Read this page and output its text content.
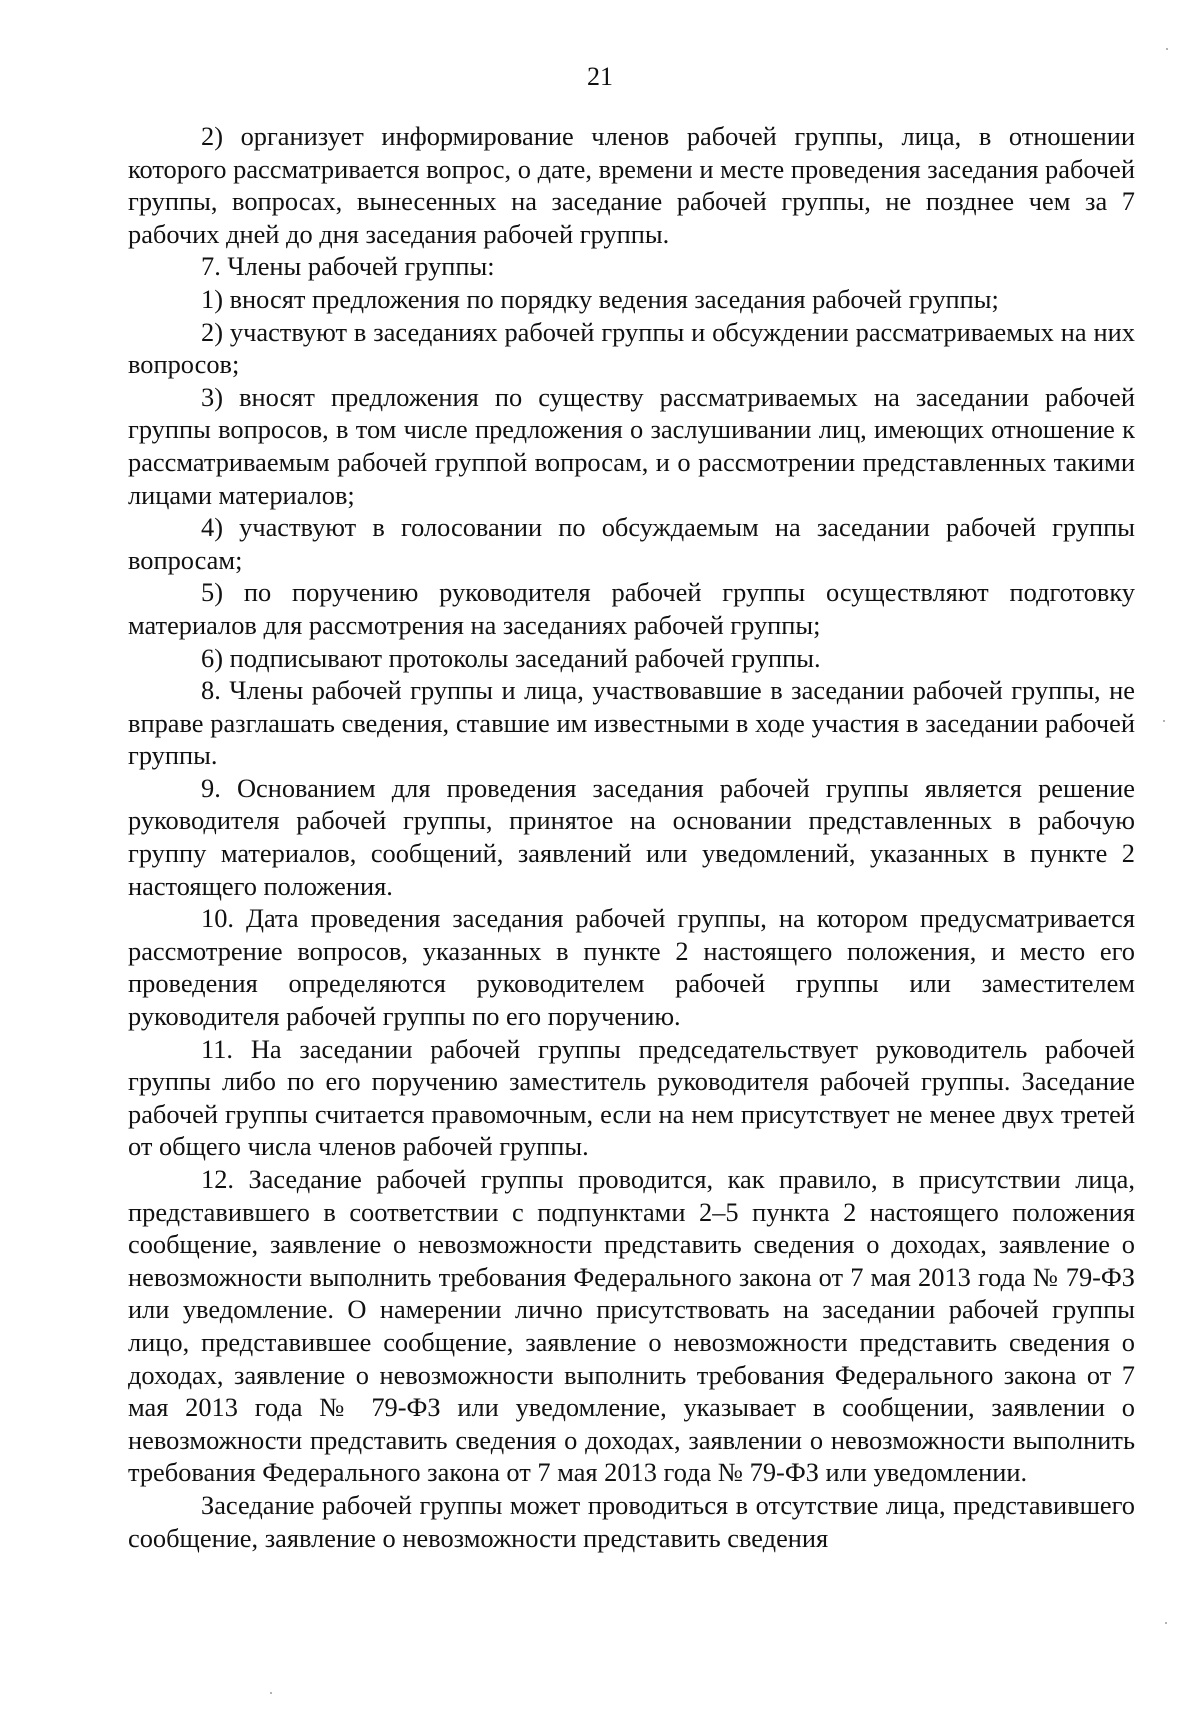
21

2) организует информирование членов рабочей группы, лица, в отношении которого рассматривается вопрос, о дате, времени и месте проведения заседания рабочей группы, вопросах, вынесенных на заседание рабочей группы, не позднее чем за 7 рабочих дней до дня заседания рабочей группы.

7. Члены рабочей группы:

1) вносят предложения по порядку ведения заседания рабочей группы;

2) участвуют в заседаниях рабочей группы и обсуждении рассматриваемых на них вопросов;

3) вносят предложения по существу рассматриваемых на заседании рабочей группы вопросов, в том числе предложения о заслушивании лиц, имеющих отношение к рассматриваемым рабочей группой вопросам, и о рассмотрении представленных такими лицами материалов;

4) участвуют в голосовании по обсуждаемым на заседании рабочей группы вопросам;

5) по поручению руководителя рабочей группы осуществляют подготовку материалов для рассмотрения на заседаниях рабочей группы;

6) подписывают протоколы заседаний рабочей группы.

8. Члены рабочей группы и лица, участвовавшие в заседании рабочей группы, не вправе разглашать сведения, ставшие им известными в ходе участия в заседании рабочей группы.

9. Основанием для проведения заседания рабочей группы является решение руководителя рабочей группы, принятое на основании представленных в рабочую группу материалов, сообщений, заявлений или уведомлений, указанных в пункте 2 настоящего положения.

10. Дата проведения заседания рабочей группы, на котором предусматривается рассмотрение вопросов, указанных в пункте 2 настоящего положения, и место его проведения определяются руководителем рабочей группы или заместителем руководителя рабочей группы по его поручению.

11. На заседании рабочей группы председательствует руководитель рабочей группы либо по его поручению заместитель руководителя рабочей группы. Заседание рабочей группы считается правомочным, если на нем присутствует не менее двух третей от общего числа членов рабочей группы.

12. Заседание рабочей группы проводится, как правило, в присутствии лица, представившего в соответствии с подпунктами 2–5 пункта 2 настоящего положения сообщение, заявление о невозможности представить сведения о доходах, заявление о невозможности выполнить требования Федерального закона от 7 мая 2013 года № 79-ФЗ или уведомление. О намерении лично присутствовать на заседании рабочей группы лицо, представившее сообщение, заявление о невозможности представить сведения о доходах, заявление о невозможности выполнить требования Федерального закона от 7 мая 2013 года № 79-ФЗ или уведомление, указывает в сообщении, заявлении о невозможности представить сведения о доходах, заявлении о невозможности выполнить требования Федерального закона от 7 мая 2013 года № 79-ФЗ или уведомлении.

Заседание рабочей группы может проводиться в отсутствие лица, представившего сообщение, заявление о невозможности представить сведения
